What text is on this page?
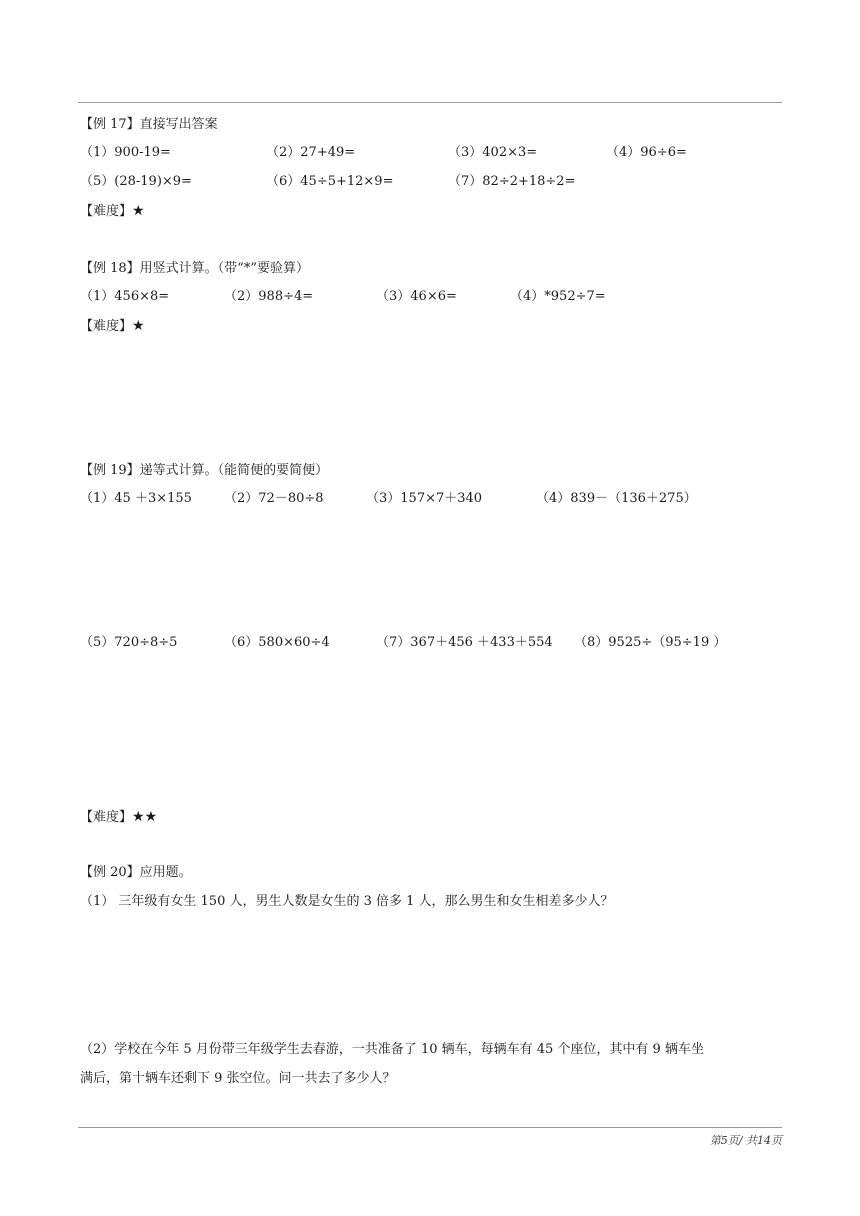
【例 17】直接写出答案
（1）900-19=	（2）27+49=	（3）402×3=	（4）96÷6=
（5）(28-19)×9=	（6）45÷5+12×9=	（7）82÷2+18÷2=
【难度】★
【例 18】用竖式计算。（带“*”要验算）
（1）456×8=	（2）988÷4=	（3）46×6=	（4）*952÷7=
【难度】★
【例 19】递等式计算。（能简便的要简便）
（1）45 ＋3×155 （2）72－80÷8	（3）157×7＋340	（4）839－（136＋275）
（5）720÷8÷5	（6）580×60÷4	（7）367＋456 ＋433＋554 （8）9525÷（95÷19 ）
【难度】★★
【例 20】应用题。
（1） 三年级有女生 150 人，男生人数是女生的 3 倍多 1 人，那么男生和女生相差多少人？
（2）学校在今年 5 月份带三年级学生去春游，一共准备了 10 辆车，每辆车有 45 个座位，其中有 9 辆车坐
满后，第十辆车还剩下 9 张空位。问一共去了多少人？
第5页/ 共14页
